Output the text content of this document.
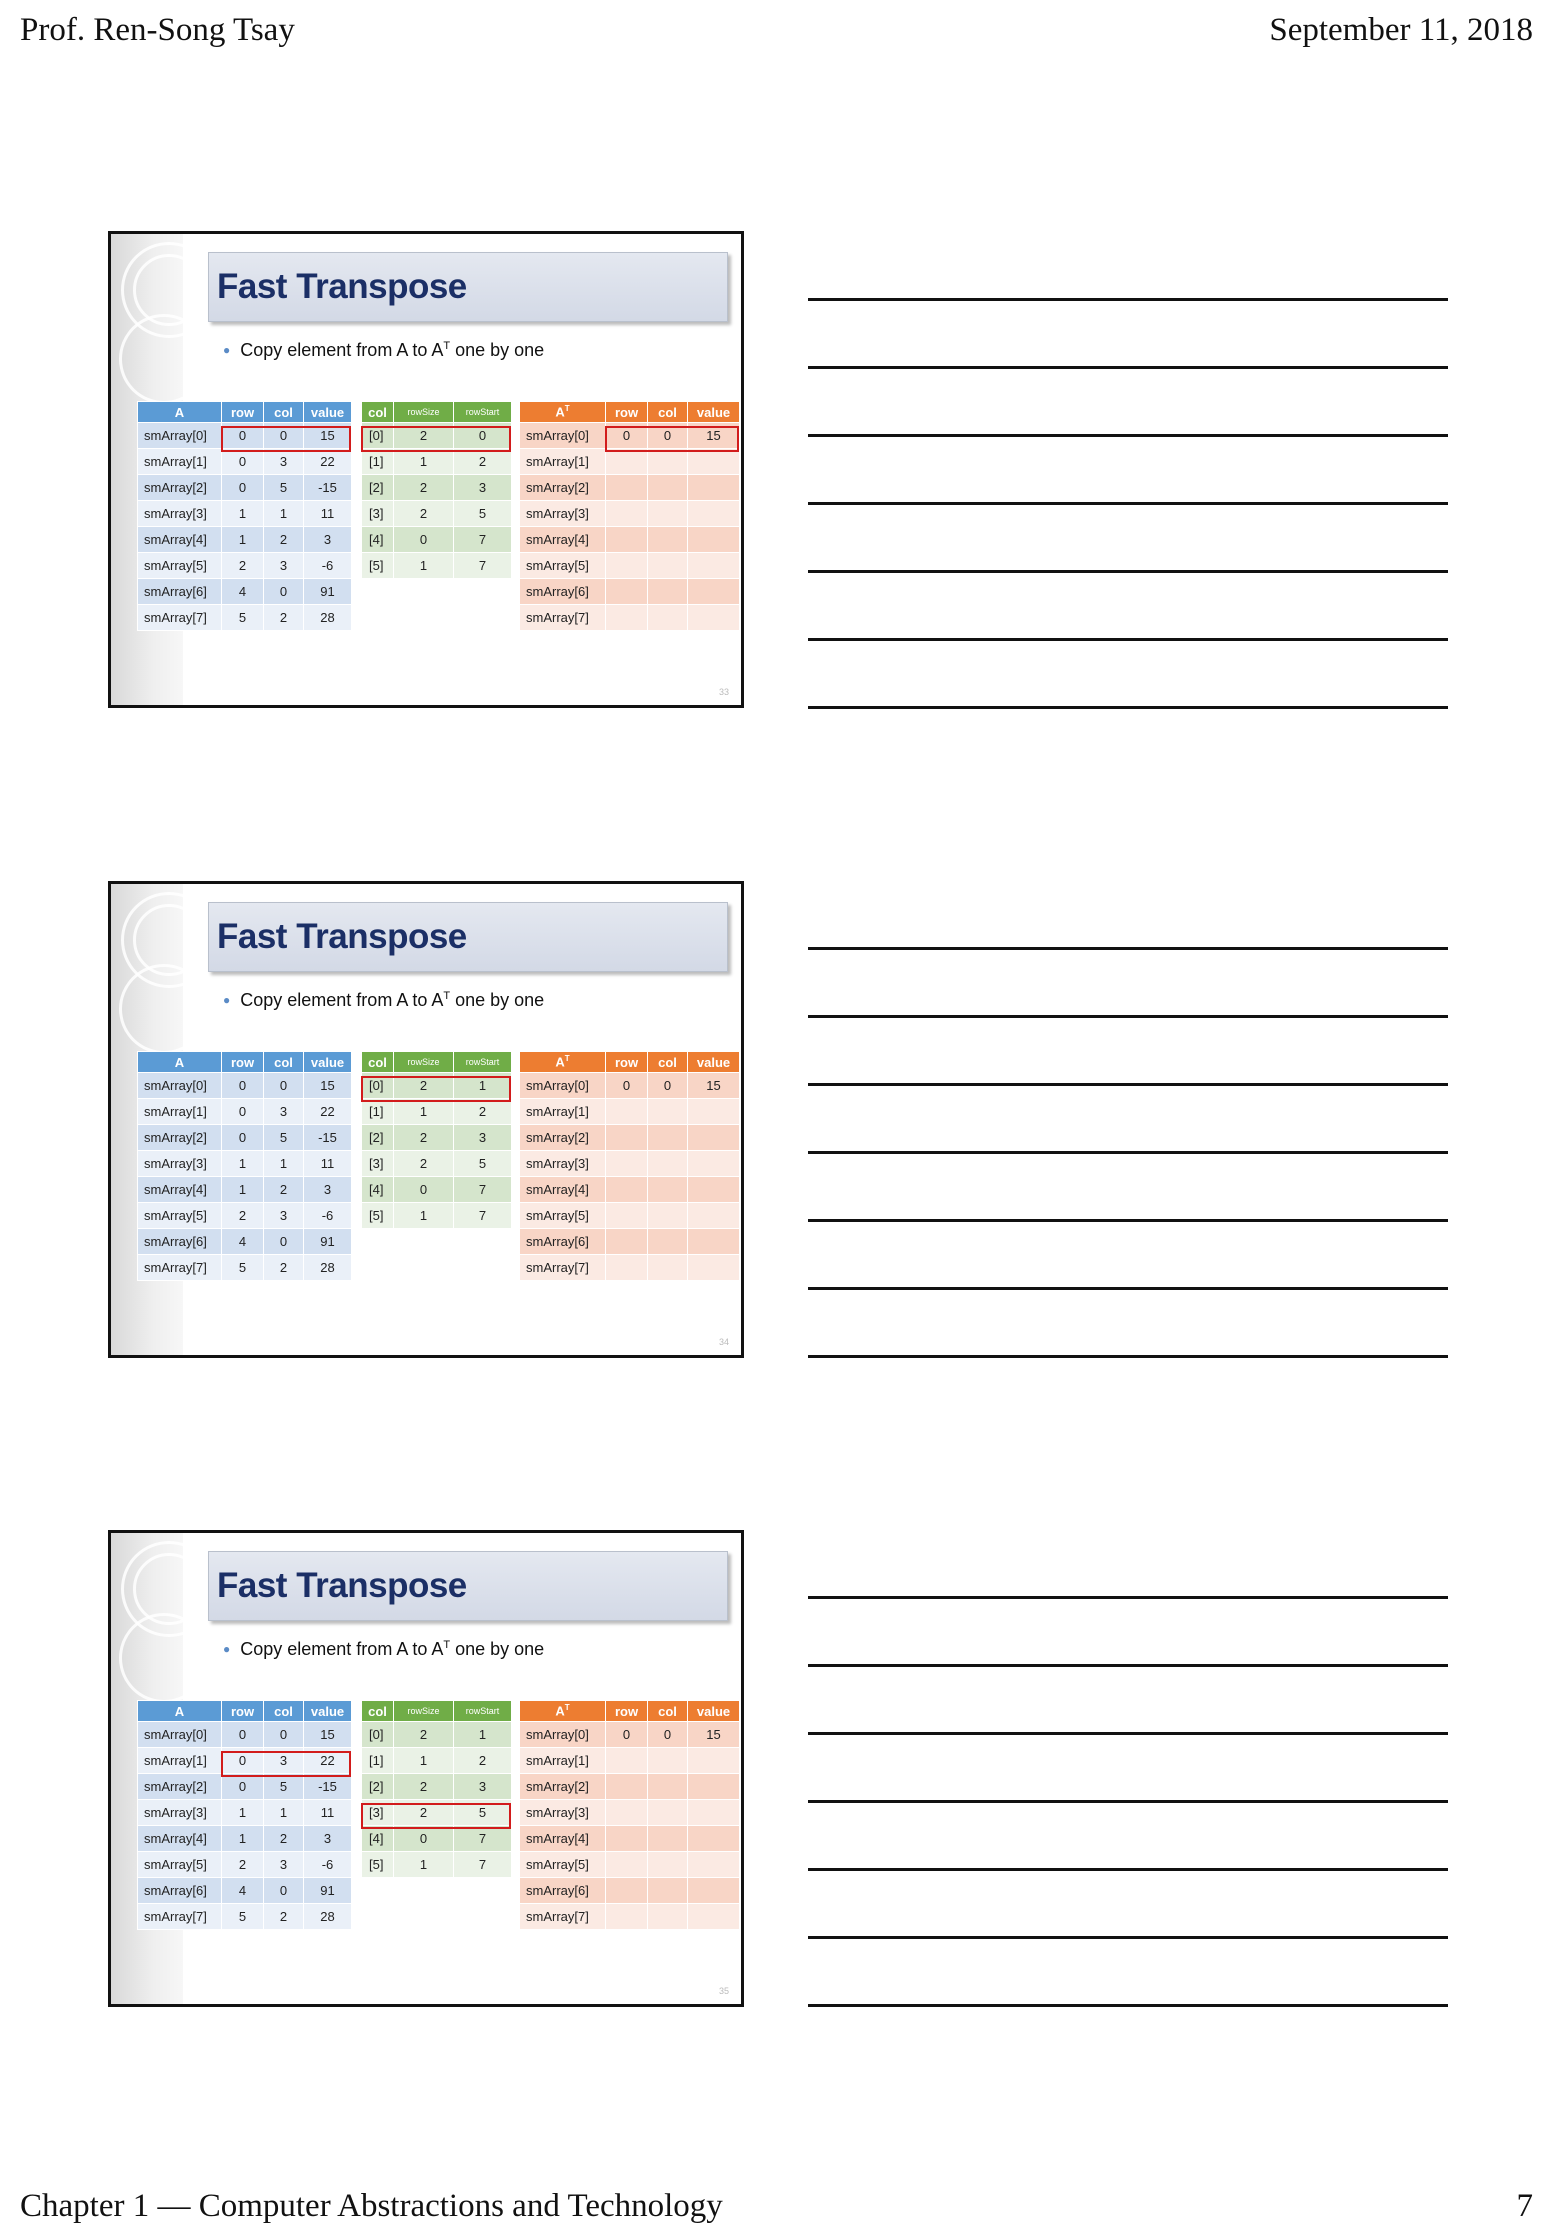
Prof. Ren-Song Tsay	September 11, 2018
Fast Transpose
● Copy element from A to $A^T$ one by one
A	row	col	value
smArray[0]	0	0	15
smArray[1]	0	3	22
smArray[2]	0	5	-15
smArray[3]	1	1	11
smArray[4]	1	2	3
smArray[5]	2	3	-6
smArray[6]	4	0	91
smArray[7]	5	2	28
col	rowSize	rowStart
[0]	2	0
[1]	1	2
[2]	2	3
[3]	2	5
[4]	0	7
[5]	1	7
$A^T$	row	col	value
smArray[0]	0	0	15
smArray[1]			
smArray[2]			
smArray[3]			
smArray[4]			
smArray[5]			
smArray[6]			
smArray[7]			
33
Fast Transpose
● Copy element from A to $A^T$ one by one
A	row	col	value
smArray[0]	0	0	15
smArray[1]	0	3	22
smArray[2]	0	5	-15
smArray[3]	1	1	11
smArray[4]	1	2	3
smArray[5]	2	3	-6
smArray[6]	4	0	91
smArray[7]	5	2	28
col	rowSize	rowStart
[0]	2	1
[1]	1	2
[2]	2	3
[3]	2	5
[4]	0	7
[5]	1	7
$A^T$	row	col	value
smArray[0]	0	0	15
smArray[1]			
smArray[2]			
smArray[3]			
smArray[4]			
smArray[5]			
smArray[6]			
smArray[7]			
34
Fast Transpose
● Copy element from A to $A^T$ one by one
A	row	col	value
smArray[0]	0	0	15
smArray[1]	0	3	22
smArray[2]	0	5	-15
smArray[3]	1	1	11
smArray[4]	1	2	3
smArray[5]	2	3	-6
smArray[6]	4	0	91
smArray[7]	5	2	28
col	rowSize	rowStart
[0]	2	1
[1]	1	2
[2]	2	3
[3]	2	5
[4]	0	7
[5]	1	7
$A^T$	row	col	value
smArray[0]	0	0	15
smArray[1]			
smArray[2]			
smArray[3]			
smArray[4]			
smArray[5]			
smArray[6]			
smArray[7]			
35
Chapter 1 — Computer Abstractions and Technology	7
